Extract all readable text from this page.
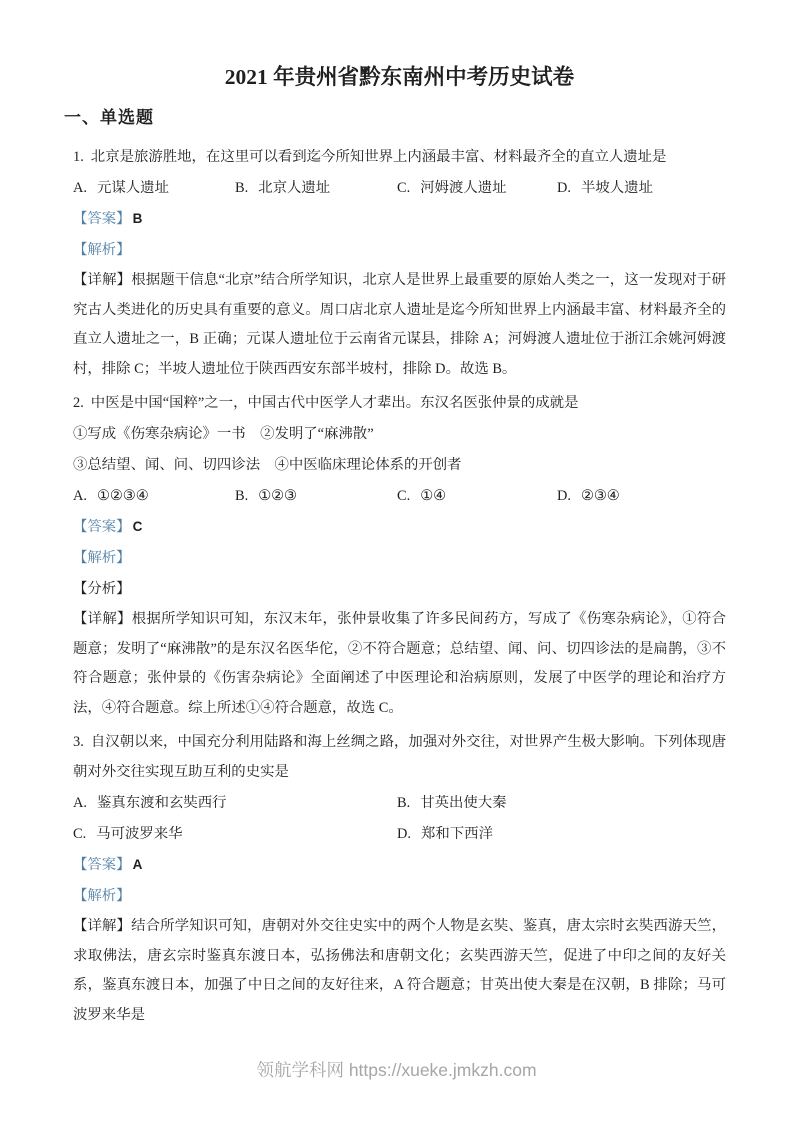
2021 年贵州省黔东南州中考历史试卷
一、单选题

1. 北京是旅游胜地，在这里可以看到迄今所知世界上内涵最丰富、材料最齐全的直立人遗址是

A. 元谋人遗址	B. 北京人遗址	C. 河姆渡人遗址	D. 半坡人遗址

【答案】 B

【解析】

【详解】根据题干信息“北京”结合所学知识，北京人是世界上最重要的原始人类之一，这一发现对于研究古人类进化的历史具有重要的意义。周口店北京人遗址是迄今所知世界上内涵最丰富、材料最齐全的直立人遗址之一，B 正确；元谋人遗址位于云南省元谋县，排除 A；河姆渡人遗址位于浙江余姚河姆渡村，排除 C；半坡人遗址位于陕西西安东部半坡村，排除 D。故选 B。

2. 中医是中国“国粹”之一，中国古代中医学人才辈出。东汉名医张仲景的成就是

①写成《伤寒杂病论》一书　②发明了“麻沸散”

③总结望、闻、问、切四诊法　④中医临床理论体系的开创者

A. ①②③④	B. ①②③	C. ①④	D. ②③④

【答案】 C

【解析】

【分析】

【详解】根据所学知识可知，东汉末年，张仲景收集了许多民间药方，写成了《伤寒杂病论》，①符合题意；发明了“麻沸散”的是东汉名医华佗，②不符合题意；总结望、闻、问、切四诊法的是扁鹊，③不符合题意；张仲景的《伤害杂病论》全面阐述了中医理论和治病原则，发展了中医学的理论和治疗方法，④符合题意。综上所述①④符合题意，故选 C。

3. 自汉朝以来，中国充分利用陆路和海上丝绸之路，加强对外交往，对世界产生极大影响。下列体现唐朝对外交往实现互助互利的史实是

A. 鉴真东渡和玄奘西行	B. 甘英出使大秦
C. 马可波罗来华	D. 郑和下西洋

【答案】 A

【解析】

【详解】结合所学知识可知，唐朝对外交往史实中的两个人物是玄奘、鉴真，唐太宗时玄奘西游天竺，求取佛法，唐玄宗时鉴真东渡日本，弘扬佛法和唐朝文化；玄奘西游天竺，促进了中印之间的友好关系，鉴真东渡日本，加强了中日之间的友好往来，A 符合题意；甘英出使大秦是在汉朝，B 排除；马可波罗来华是

领航学科网 https://xueke.jmkzh.com
